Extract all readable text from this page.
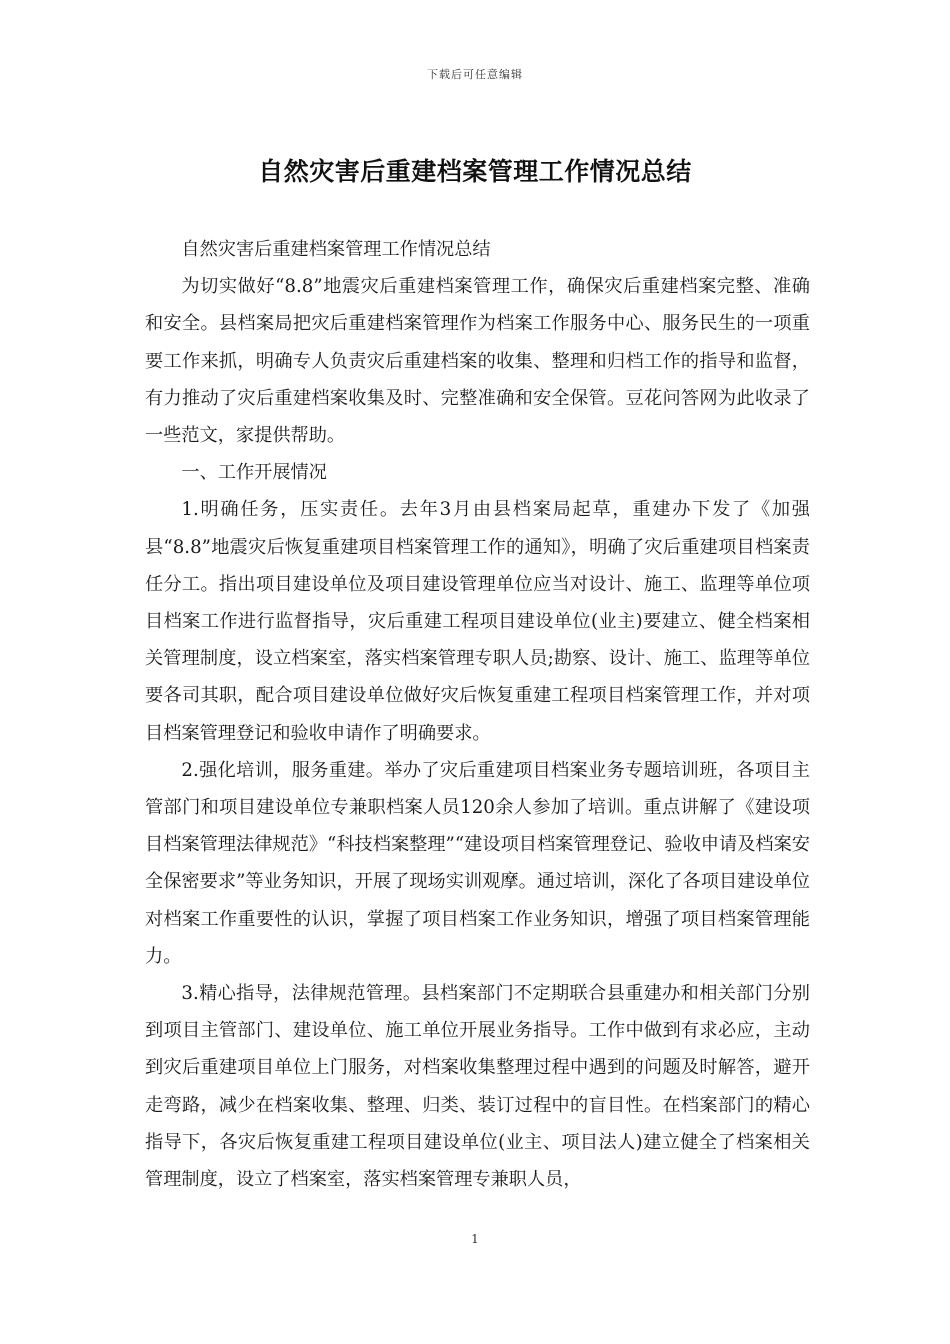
下载后可任意编辑
自然灾害后重建档案管理工作情况总结

自然灾害后重建档案管理工作情况总结

为切实做好“8.8”地震灾后重建档案管理工作，确保灾后重建档案完整、准确和安全。县档案局把灾后重建档案管理作为档案工作服务中心、服务民生的一项重要工作来抓，明确专人负责灾后重建档案的收集、整理和归档工作的指导和监督，有力推动了灾后重建档案收集及时、完整准确和安全保管。豆花问答网为此收录了一些范文，家提供帮助。

一、工作开展情况

1.明确任务，压实责任。去年3月由县档案局起草，重建办下发了《加强县“8.8”地震灾后恢复重建项目档案管理工作的通知》，明确了灾后重建项目档案责任分工。指出项目建设单位及项目建设管理单位应当对设计、施工、监理等单位项目档案工作进行监督指导，灾后重建工程项目建设单位(业主)要建立、健全档案相关管理制度，设立档案室，落实档案管理专职人员;勘察、设计、施工、监理等单位要各司其职，配合项目建设单位做好灾后恢复重建工程项目档案管理工作，并对项目档案管理登记和验收申请作了明确要求。

2.强化培训，服务重建。举办了灾后重建项目档案业务专题培训班，各项目主管部门和项目建设单位专兼职档案人员120余人参加了培训。重点讲解了《建设项目档案管理法律规范》“科技档案整理”“建设项目档案管理登记、验收申请及档案安全保密要求”等业务知识，开展了现场实训观摩。通过培训，深化了各项目建设单位对档案工作重要性的认识，掌握了项目档案工作业务知识，增强了项目档案管理能力。

3.精心指导，法律规范管理。县档案部门不定期联合县重建办和相关部门分别到项目主管部门、建设单位、施工单位开展业务指导。工作中做到有求必应，主动到灾后重建项目单位上门服务，对档案收集整理过程中遇到的问题及时解答，避开走弯路，减少在档案收集、整理、归类、装订过程中的盲目性。在档案部门的精心指导下，各灾后恢复重建工程项目建设单位(业主、项目法人)建立健全了档案相关管理制度，设立了档案室，落实档案管理专兼职人员，

1
